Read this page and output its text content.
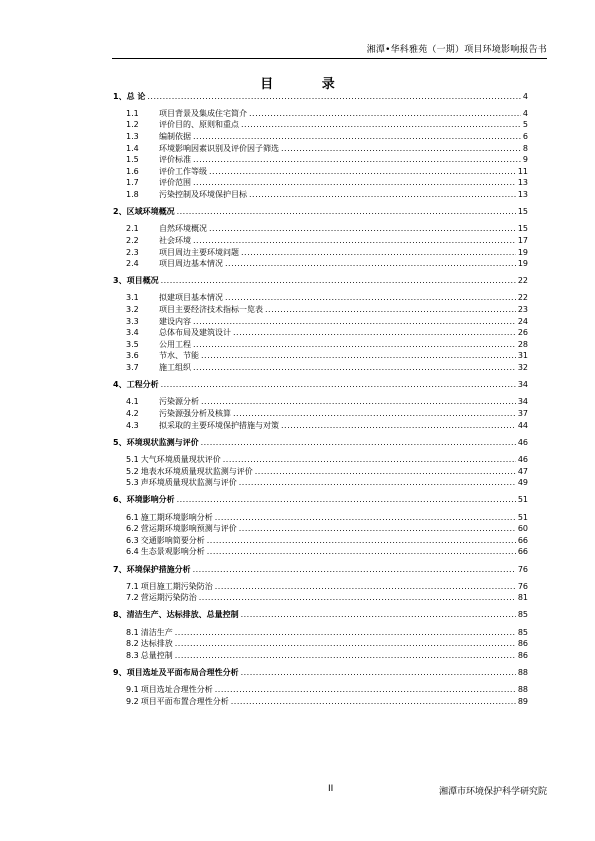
湘潭•华科雅苑（一期）项目环境影响报告书
目 录
1、 总 论 .....	4
1.1	项目背景及集成住宅简介 .....	4
1.2	评价目的、原则和重点 .....	5
1.3	编制依据 .....	6
1.4	环境影响因素识别及评价因子筛选 .....	8
1.5	评价标准 .....	9
1.6	评价工作等级 .....	11
1.7	评价范围 .....	13
1.8	污染控制及环境保护目标 .....	13
2、 区域环境概况 .....	15
2.1	自然环境概况 .....	15
2.2	社会环境 .....	17
2.3	项目周边主要环境问题 .....	19
2.4	项目周边基本情况 .....	19
3、 项目概况 .....	22
3.1	拟建项目基本情况 .....	22
3.2	项目主要经济技术指标一览表 .....	23
3.3	建设内容 .....	24
3.4	总体布局及建筑设计 .....	26
3.5	公用工程 .....	28
3.6	节水、节能 .....	31
3.7	施工组织 .....	32
4、 工程分析 .....	34
4.1	污染源分析 .....	34
4.2	污染源强分析及核算 .....	37
4.3	拟采取的主要环境保护措施与对策 .....	44
5、 环境现状监测与评价 .....	46
5.1 大气环境质量现状评价 .....	46
5.2 地表水环境质量现状监测与评价 .....	47
5.3 声环境质量现状监测与评价 .....	49
6、 环境影响分析 .....	51
6.1 施工期环境影响分析 .....	51
6.2 营运期环境影响预测与评价 .....	60
6.3 交通影响简要分析 .....	66
6.4 生态景观影响分析 .....	66
7、 环境保护措施分析 .....	76
7.1 项目施工期污染防治 .....	76
7.2 营运期污染防治 .....	81
8、 清洁生产、达标排放、总量控制 .....	85
8.1 清洁生产 .....	85
8.2 达标排放 .....	86
8.3 总量控制 .....	86
9、 项目选址及平面布局合理性分析 .....	88
9.1 项目选址合理性分析 .....	88
9.2 项目平面布置合理性分析 .....	89
II	湘潭市环境保护科学研究院
